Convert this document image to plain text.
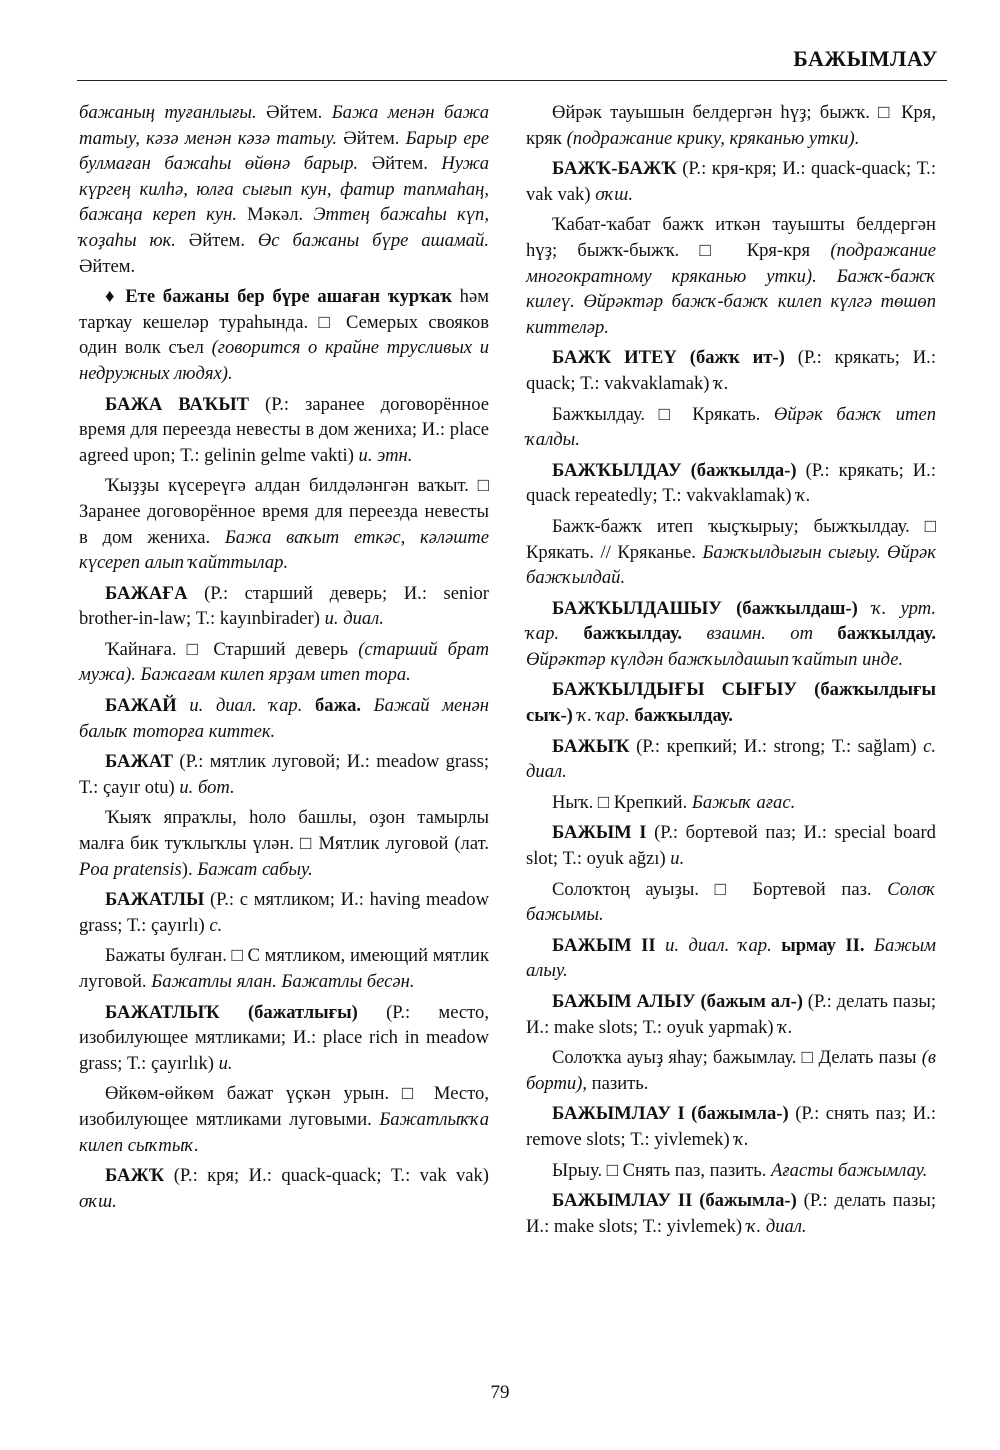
БАЖЫМЛАУ

бажаның туғанлығы. Әйтем. Бажа менән бажа татыу, кәзә менән кәзә татыу. Әйтем. Барыр ере булмаған бажаһы өйөнә барыр. Әйтем. Нужа күргең килһә, юлға сығып кун, фатир тапмаһаң, бажаңа кереп кун. Мәкәл. Эттең бажаһы күп, ҡоҙаһы юк. Әйтем. Өс бажаны бүре ашамай. Әйтем.

♦ Ете бажаны бер бүре ашаған ҡурҡаҡ һәм тарҡау кешеләр тураһында. □ Семерых свояков один волк съел (говорится о крайне трусливых и недружных людях).

БАЖА ВАҠЫТ (Р.: заранее договорённое время для переезда невесты в дом жениха; И.: place agreed upon; Т.: gelinin gelme vakti) и. этн.

Ҡыҙҙы күсереүгә алдан билдәләнгән ваҡыт. □ Заранее договорённое время для переезда невесты в дом жениха. Бажа ваҡыт еткәс, кәләште күсереп алып ҡайттылар.

БАЖАҒА (Р.: старший деверь; И.: senior brother-in-law; Т.: kayınbirader) и. диал.

Ҡайнаға. □ Старший деверь (старший брат мужа). Бажағам килеп ярҙам итеп тора.

БАЖАЙ и. диал. ҡар. бажа. Бажай менән балыҡ тоторға киттек.

БАЖАТ (Р.: мятлик луговой; И.: meadow grass; Т.: çayır otu) и. бот.

Ҡыяҡ япраҡлы, һоло башлы, оҙон тамырлы малға бик туҡлыҡлы үлән. □ Мятлик луговой (лат. Poa pratensis). Бажат сабыу.

БАЖАТЛЫ (Р.: с мятликом; И.: having meadow grass; Т.: çayırlı) с.

Бажаты булған. □ С мятликом, имеющий мятлик луговой. Бажатлы ялан. Бажатлы бесән.

БАЖАТЛЫҠ (бажатлығы) (Р.: место, изобилующее мятликами; И.: place rich in meadow grass; Т.: çayırlık) и.

Өйкөм-өйкөм бажат үҫкән урын. □ Место, изобилующее мятликами луговыми. Бажатлыҡҡа килеп сыҡтыҡ.

БАЖҠ (Р.: кря; И.: quack-quack; Т.: vak vak) оҡш.

Өйрәк тауышын белдергән һүҙ; быжҡ. □ Кря, кряк (подражание крику, кряканью утки).

БАЖҠ-БАЖҠ (Р.: кря-кря; И.: quack-quack; Т.: vak vak) оҡш.

Ҡабат-ҡабат бажҡ иткән тауышты белдергән һүҙ; быжҡ-быжҡ. □ Кря-кря (подражание многократному кряканью утки). Бажҡ-бажҡ килеү. Өйрәктәр бажҡ-бажҡ килеп күлгә төшөп киттеләр.

БАЖҠ ИТЕҮ (бажҡ ит-) (Р.: крякать; И.: quack; Т.: vakvaklamak) ҡ.

Бажҡылдау. □ Крякать. Өйрәк бажҡ итеп ҡалды.

БАЖҠЫЛДАУ (бажҡылда-) (Р.: крякать; И.: quack repeatedly; Т.: vakvaklamak) ҡ.

Бажҡ-бажҡ итеп ҡыҫҡырыу; быжҡылдау. □ Крякать. // Кряканье. Бажҡылдығын сығыу. Өйрәк бажҡылдай.

БАЖҠЫЛДАШЫУ (бажҡылдаш-) ҡ. урт. ҡар. бажҡылдау. взаимн. от бажҡылдау. Өйрәктәр күлдән бажҡылдашып ҡайтып инде.

БАЖҠЫЛДЫҒЫ СЫҒЫУ (бажҡылдығы сыҡ-) ҡ. ҡар. бажҡылдау.

БАЖЫҠ (Р.: крепкий; И.: strong; Т.: sağlam) с. диал.

Ныҡ. □ Крепкий. Бажыҡ ағас.

БАЖЫМ I (Р.: бортевой паз; И.: special board slot; Т.: oyuk ağzı) и.

Солоҡтоң ауыҙы. □ Бортевой паз. Солоҡ бажымы.

БАЖЫМ II и. диал. ҡар. ырмау II. Бажым алыу.

БАЖЫМ АЛЫУ (бажым ал-) (Р.: делать пазы; И.: make slots; Т.: oyuk yapmak) ҡ.

Солоҡҡа ауыҙ яһау; бажымлау. □ Делать пазы (в борти), пазить.

БАЖЫМЛАУ I (бажымла-) (Р.: снять паз; И.: remove slots; Т.: yivlemek) ҡ.

Ырыу. □ Снять паз, пазить. Ағасты бажымлау.

БАЖЫМЛАУ II (бажымла-) (Р.: делать пазы; И.: make slots; Т.: yivlemek) ҡ. диал.

79
